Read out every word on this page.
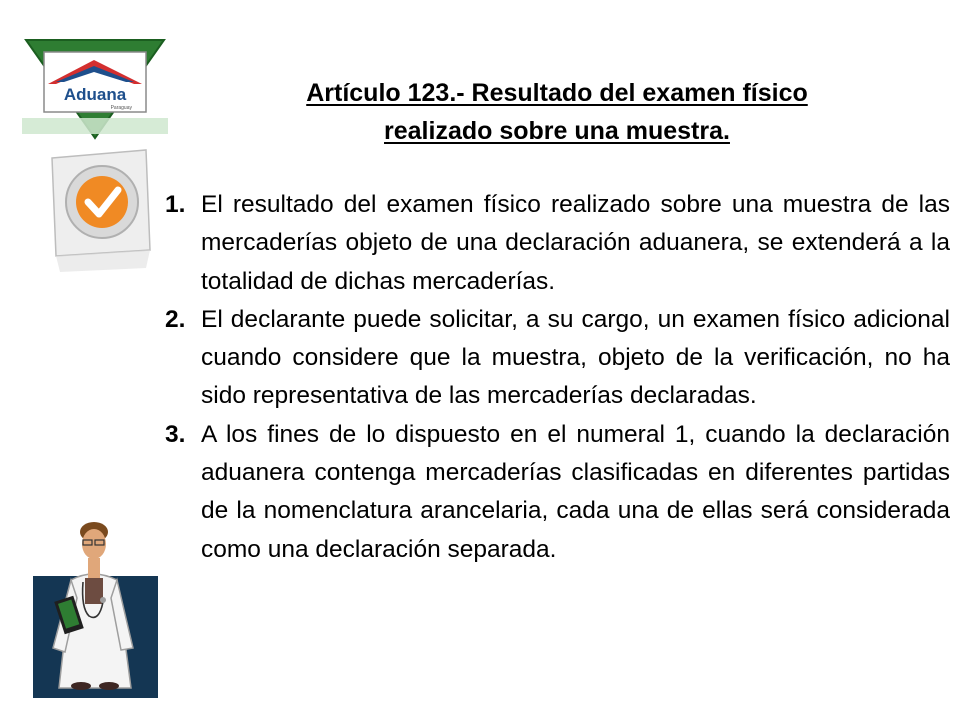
Aduana
Paraguay
Artículo 123.- Resultado del examen físico
realizado sobre una muestra.
1. El resultado del examen físico realizado sobre una muestra de las mercaderías objeto de una declaración aduanera, se extenderá a la totalidad de dichas mercaderías.
2. El declarante puede solicitar, a su cargo, un examen físico adicional cuando considere que la muestra, objeto de la verificación, no ha sido representativa de las mercaderías declaradas.
3. A los fines de lo dispuesto en el numeral 1, cuando la declaración aduanera contenga mercaderías clasificadas en diferentes partidas de la nomenclatura arancelaria, cada una de ellas será considerada como una declaración separada.
